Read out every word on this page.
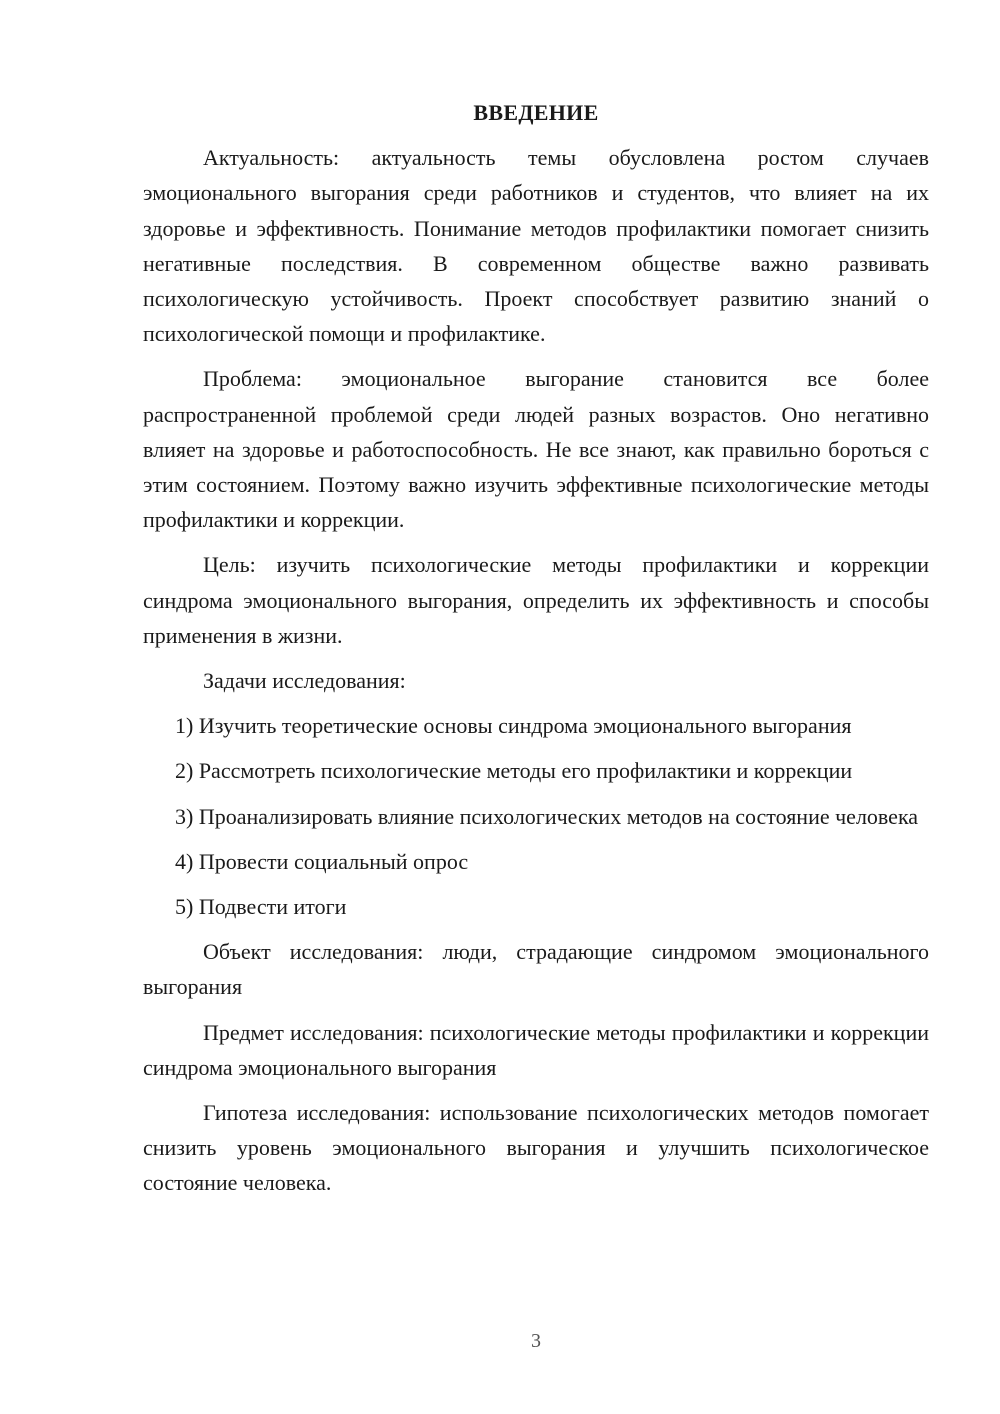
ВВЕДЕНИЕ

Актуальность: актуальность темы обусловлена ростом случаев эмоционального выгорания среди работников и студентов, что влияет на их здоровье и эффективность. Понимание методов профилактики помогает снизить негативные последствия. В современном обществе важно развивать психологическую устойчивость. Проект способствует развитию знаний о психологической помощи и профилактике.

Проблема: эмоциональное выгорание становится все более распространенной проблемой среди людей разных возрастов. Оно негативно влияет на здоровье и работоспособность. Не все знают, как правильно бороться с этим состоянием. Поэтому важно изучить эффективные психологические методы профилактики и коррекции.

Цель: изучить психологические методы профилактики и коррекции синдрома эмоционального выгорания, определить их эффективность и способы применения в жизни.

Задачи исследования:

1) Изучить теоретические основы синдрома эмоционального выгорания

2) Рассмотреть психологические методы его профилактики и коррекции

3) Проанализировать влияние психологических методов на состояние человека

4) Провести социальный опрос

5) Подвести итоги

Объект исследования: люди, страдающие синдромом эмоционального выгорания

Предмет исследования: психологические методы профилактики и коррекции синдрома эмоционального выгорания

Гипотеза исследования: использование психологических методов помогает снизить уровень эмоционального выгорания и улучшить психологическое состояние человека.

3
